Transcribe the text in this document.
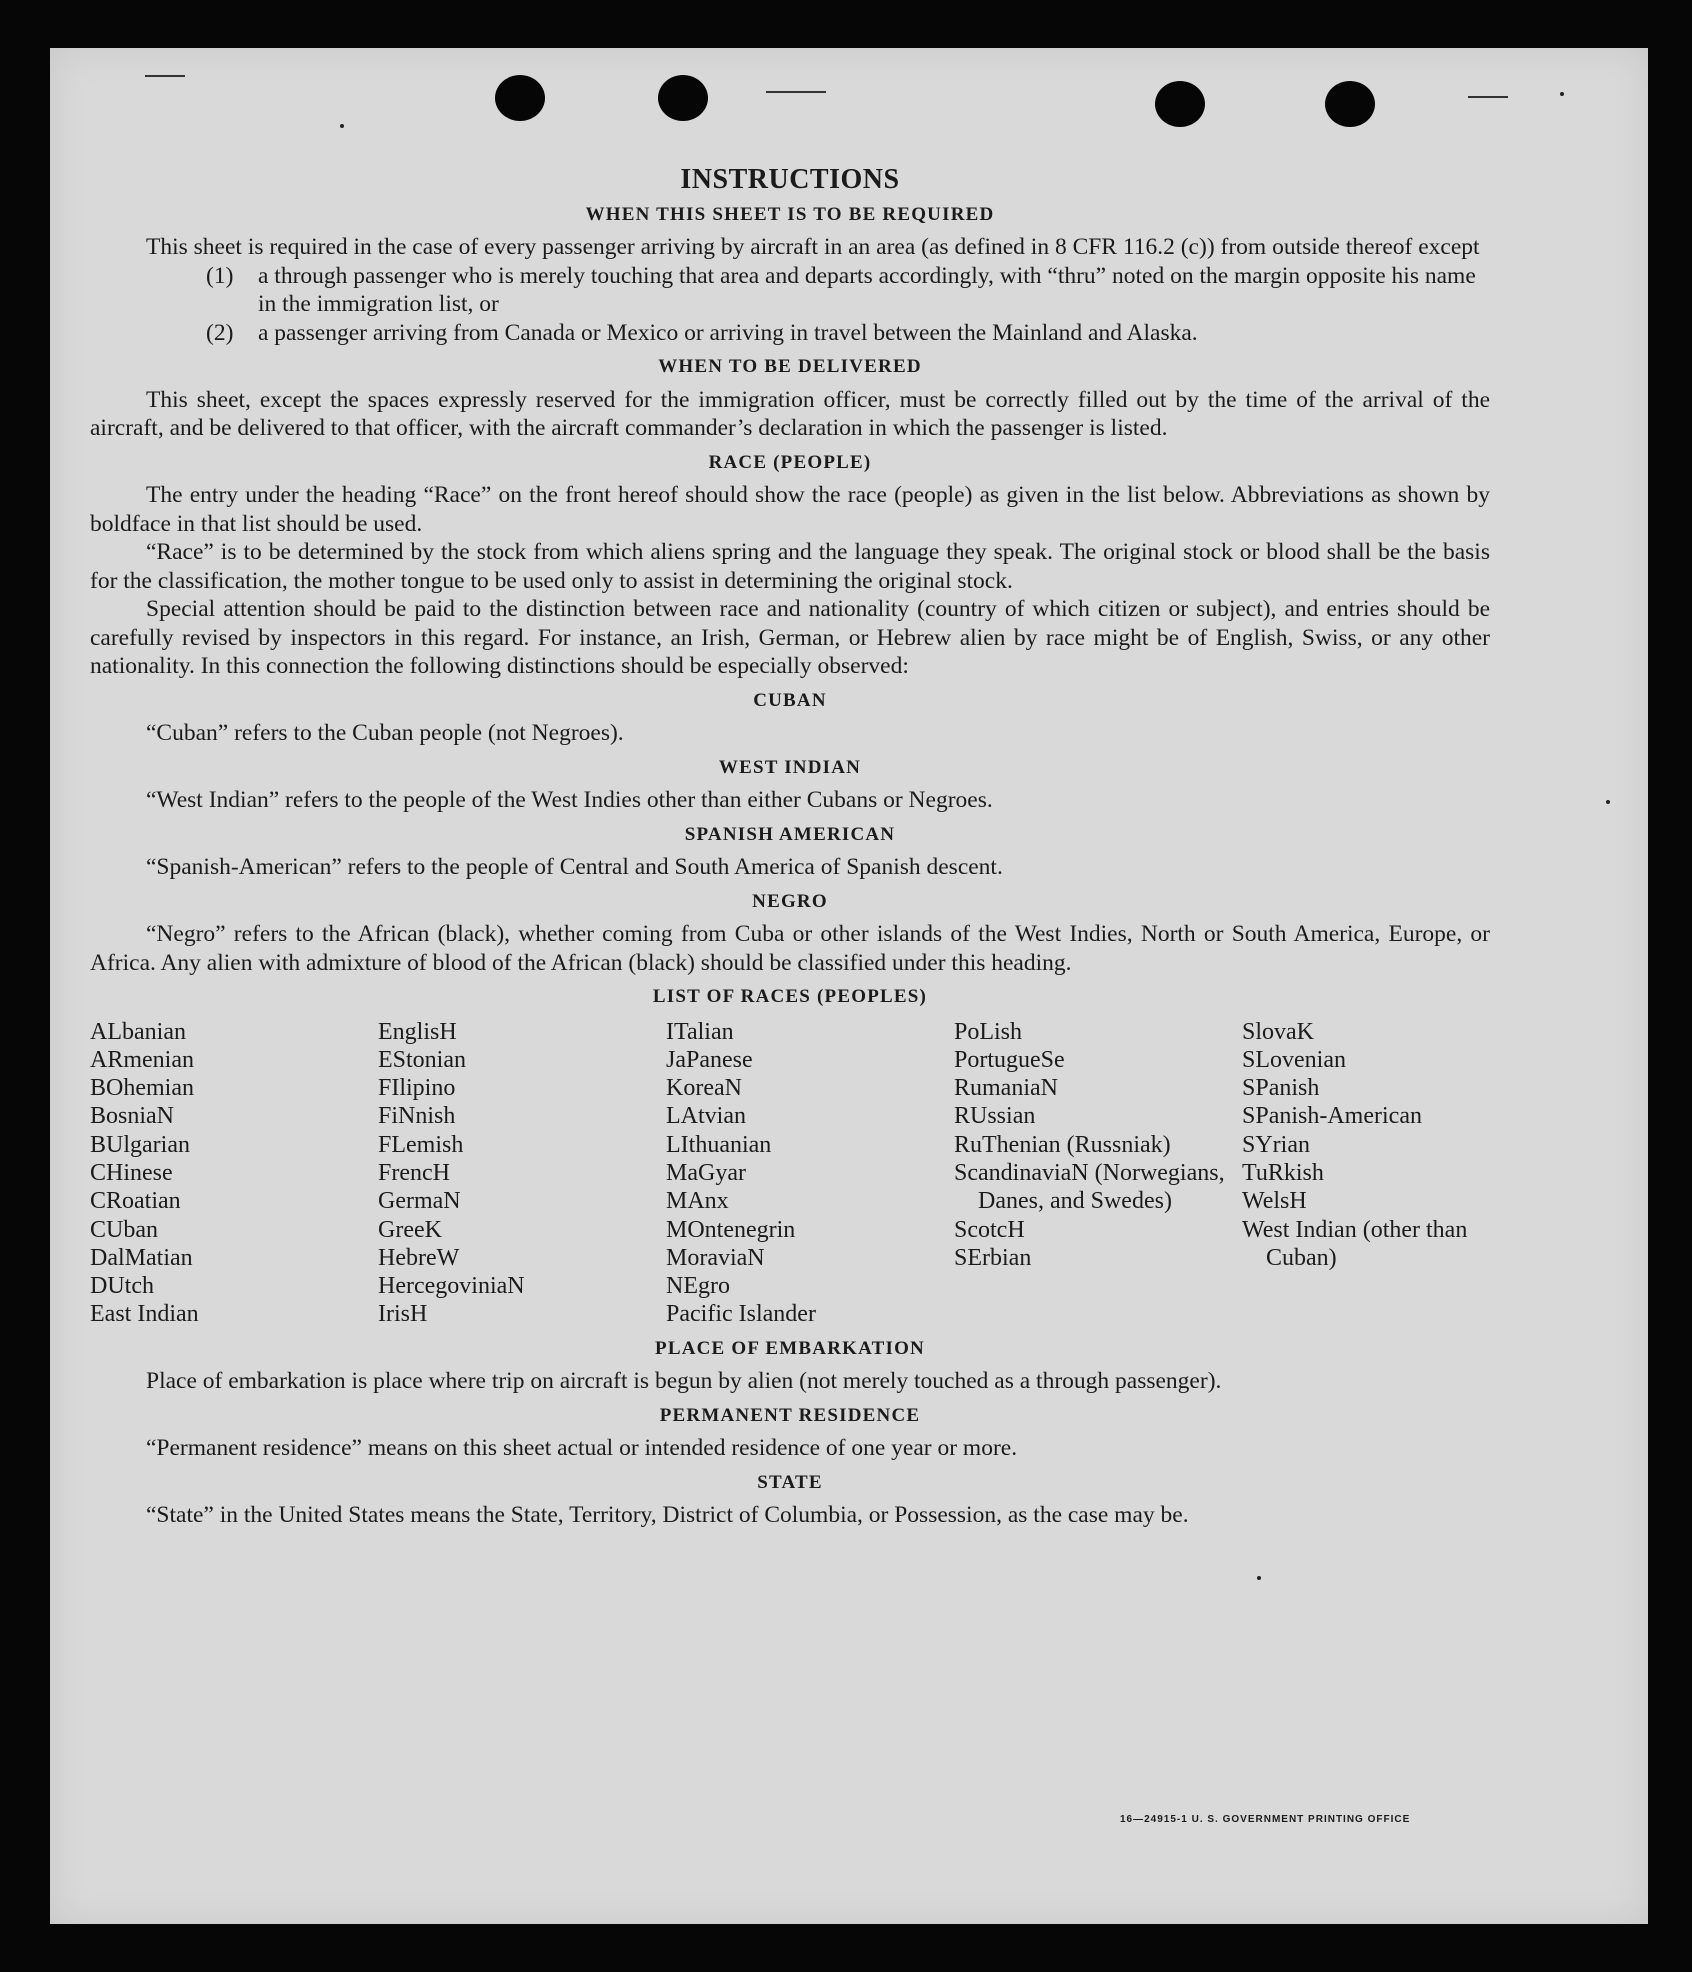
INSTRUCTIONS
WHEN THIS SHEET IS TO BE REQUIRED

This sheet is required in the case of every passenger arriving by aircraft in an area (as defined in 8 CFR 116.2 (c)) from outside thereof except

(1)	a through passenger who is merely touching that area and departs accordingly, with “thru” noted on the margin opposite his name in the immigration list, or
(2)	a passenger arriving from Canada or Mexico or arriving in travel between the Mainland and Alaska.
WHEN TO BE DELIVERED

This sheet, except the spaces expressly reserved for the immigration officer, must be correctly filled out by the time of the arrival of the aircraft, and be delivered to that officer, with the aircraft commander’s declaration in which the passenger is listed.

RACE (PEOPLE)

The entry under the heading “Race” on the front hereof should show the race (people) as given in the list below. Abbreviations as shown by boldface in that list should be used.

“Race” is to be determined by the stock from which aliens spring and the language they speak. The original stock or blood shall be the basis for the classification, the mother tongue to be used only to assist in determining the original stock.

Special attention should be paid to the distinction between race and nationality (country of which citizen or subject), and entries should be carefully revised by inspectors in this regard. For instance, an Irish, German, or Hebrew alien by race might be of English, Swiss, or any other nationality. In this connection the following distinctions should be especially observed:

CUBAN

“Cuban” refers to the Cuban people (not Negroes).

WEST INDIAN

“West Indian” refers to the people of the West Indies other than either Cubans or Negroes.

SPANISH AMERICAN

“Spanish-American” refers to the people of Central and South America of Spanish descent.

NEGRO

“Negro” refers to the African (black), whether coming from Cuba or other islands of the West Indies, North or South America, Europe, or Africa. Any alien with admixture of blood of the African (black) should be classified under this heading.

LIST OF RACES (PEOPLES)
ALbanian
ARmenian
BOhemian
BosniaN
BUlgarian
CHinese
CRoatian
CUban
DalMatian
DUtch
East Indian
EnglisH
EStonian
FIlipino
FiNnish
FLemish
FrencH
GermaN
GreeK
HebreW
HercegoviniaN
IrisH
ITalian
JaPanese
KoreaN
LAtvian
LIthuanian
MaGyar
MAnx
MOntenegrin
MoraviaN
NEgro
Pacific Islander
PoLish
PortugueSe
RumaniaN
RUssian
RuThenian (Russniak)
ScandinaviaN (Norwegians, Danes, and Swedes)
ScotcH
SErbian
SlovaK
SLovenian
SPanish
SPanish-American
SYrian
TuRkish
WelsH
West Indian (other than Cuban)
PLACE OF EMBARKATION

Place of embarkation is place where trip on aircraft is begun by alien (not merely touched as a through passenger).

PERMANENT RESIDENCE

“Permanent residence” means on this sheet actual or intended residence of one year or more.

STATE

“State” in the United States means the State, Territory, District of Columbia, or Possession, as the case may be.

16—24915-1 U. S. GOVERNMENT PRINTING OFFICE
